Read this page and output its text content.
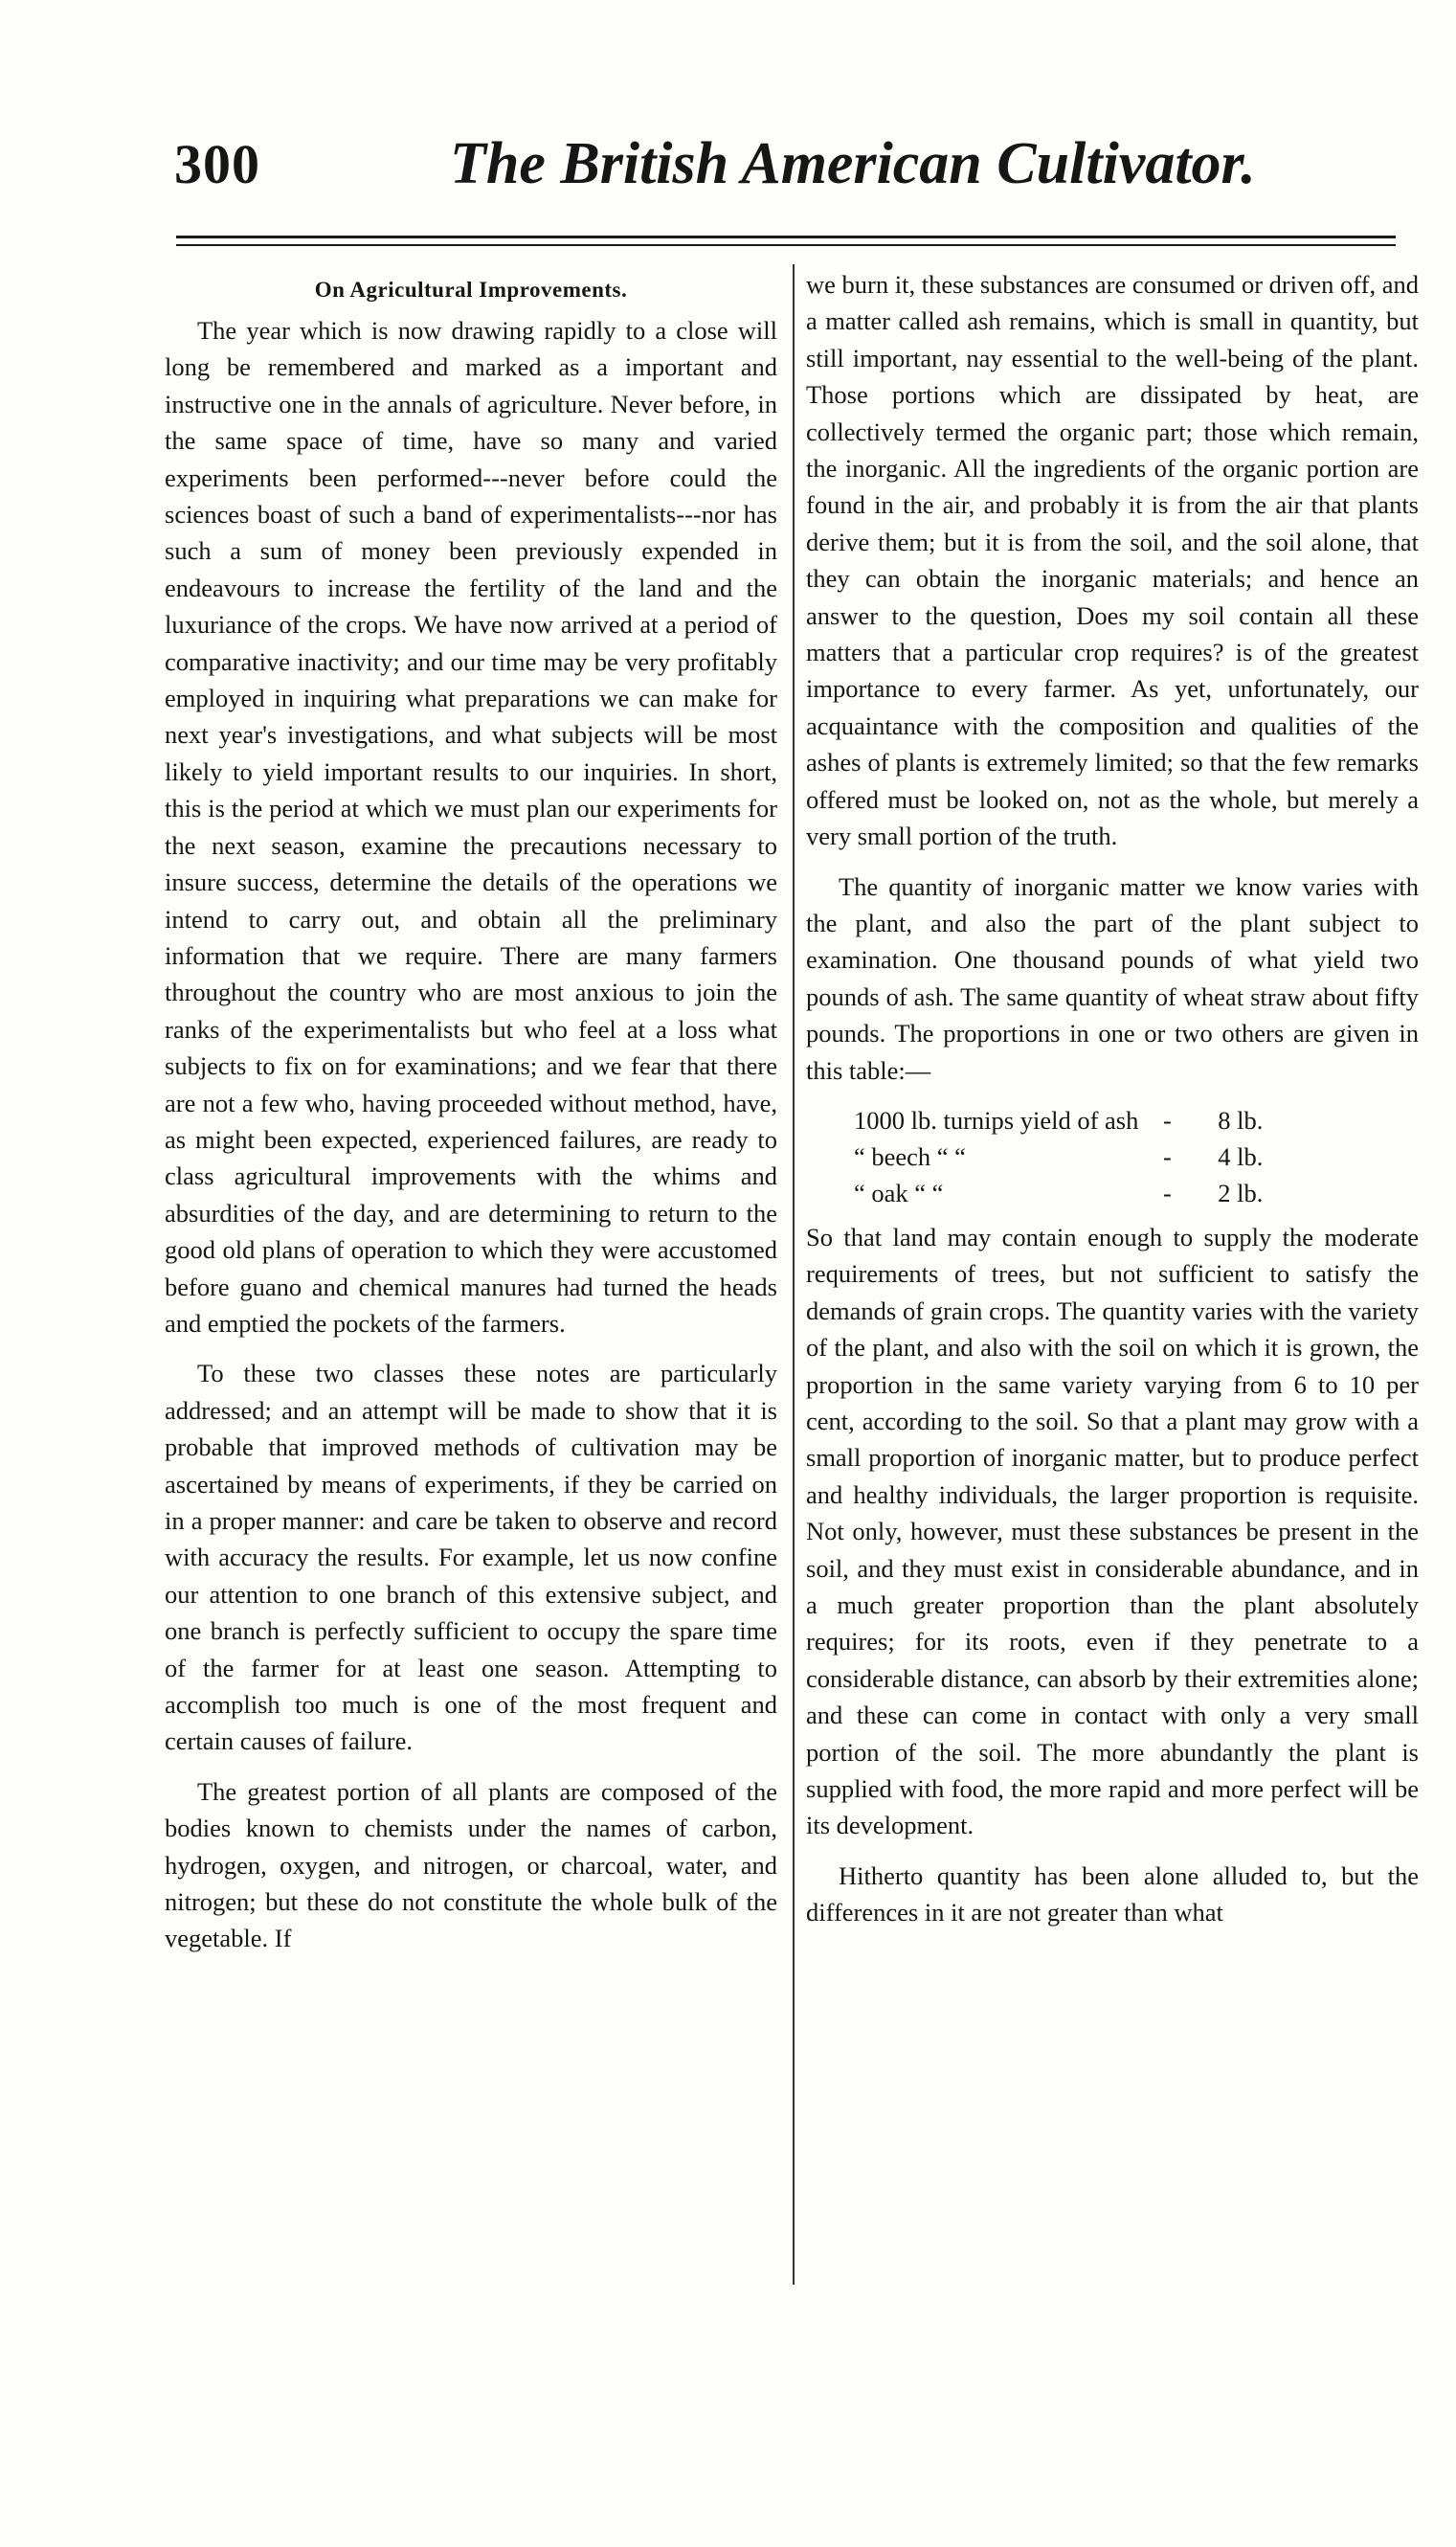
300	The British American Cultivator.
On Agricultural Improvements.

The year which is now drawing rapidly to a close will long be remembered and marked as a important and instructive one in the annals of agriculture. Never before, in the same space of time, have so many and varied experiments been performed---never before could the sciences boast of such a band of experimentalists---nor has such a sum of money been previously expended in endeavours to increase the fertility of the land and the luxuriance of the crops. We have now arrived at a period of comparative inactivity; and our time may be very profitably employed in inquiring what preparations we can make for next year's investigations, and what subjects will be most likely to yield important results to our inquiries. In short, this is the period at which we must plan our experiments for the next season, examine the precautions necessary to insure success, determine the details of the operations we intend to carry out, and obtain all the preliminary information that we require. There are many farmers throughout the country who are most anxious to join the ranks of the experimentalists but who feel at a loss what subjects to fix on for examinations; and we fear that there are not a few who, having proceeded without method, have, as might been expected, experienced failures, are ready to class agricultural improvements with the whims and absurdities of the day, and are determining to return to the good old plans of operation to which they were accustomed before guano and chemical manures had turned the heads and emptied the pockets of the farmers.

To these two classes these notes are particularly addressed; and an attempt will be made to show that it is probable that improved methods of cultivation may be ascertained by means of experiments, if they be carried on in a proper manner: and care be taken to observe and record with accuracy the results. For example, let us now confine our attention to one branch of this extensive subject, and one branch is perfectly sufficient to occupy the spare time of the farmer for at least one season. Attempting to accomplish too much is one of the most frequent and certain causes of failure.

The greatest portion of all plants are composed of the bodies known to chemists under the names of carbon, hydrogen, oxygen, and nitrogen, or charcoal, water, and nitrogen; but these do not constitute the whole bulk of the vegetable. If

we burn it, these substances are consumed or driven off, and a matter called ash remains, which is small in quantity, but still important, nay essential to the well-being of the plant. Those portions which are dissipated by heat, are collectively termed the organic part; those which remain, the inorganic. All the ingredients of the organic portion are found in the air, and probably it is from the air that plants derive them; but it is from the soil, and the soil alone, that they can obtain the inorganic materials; and hence an answer to the question, Does my soil contain all these matters that a particular crop requires? is of the greatest importance to every farmer. As yet, unfortunately, our acquaintance with the composition and qualities of the ashes of plants is extremely limited; so that the few remarks offered must be looked on, not as the whole, but merely a very small portion of the truth.

The quantity of inorganic matter we know varies with the plant, and also the part of the plant subject to examination. One thousand pounds of what yield two pounds of ash. The same quantity of wheat straw about fifty pounds. The proportions in one or two others are given in this table:—

1000 lb. turnips yield of ash	-	8 lb.
“ beech “ “	-	4 lb.
“ oak “ “	-	2 lb.

So that land may contain enough to supply the moderate requirements of trees, but not sufficient to satisfy the demands of grain crops. The quantity varies with the variety of the plant, and also with the soil on which it is grown, the proportion in the same variety varying from 6 to 10 per cent, according to the soil. So that a plant may grow with a small proportion of inorganic matter, but to produce perfect and healthy individuals, the larger proportion is requisite. Not only, however, must these substances be present in the soil, and they must exist in considerable abundance, and in a much greater proportion than the plant absolutely requires; for its roots, even if they penetrate to a considerable distance, can absorb by their extremities alone; and these can come in contact with only a very small portion of the soil. The more abundantly the plant is supplied with food, the more rapid and more perfect will be its development.

Hitherto quantity has been alone alluded to, but the differences in it are not greater than what
